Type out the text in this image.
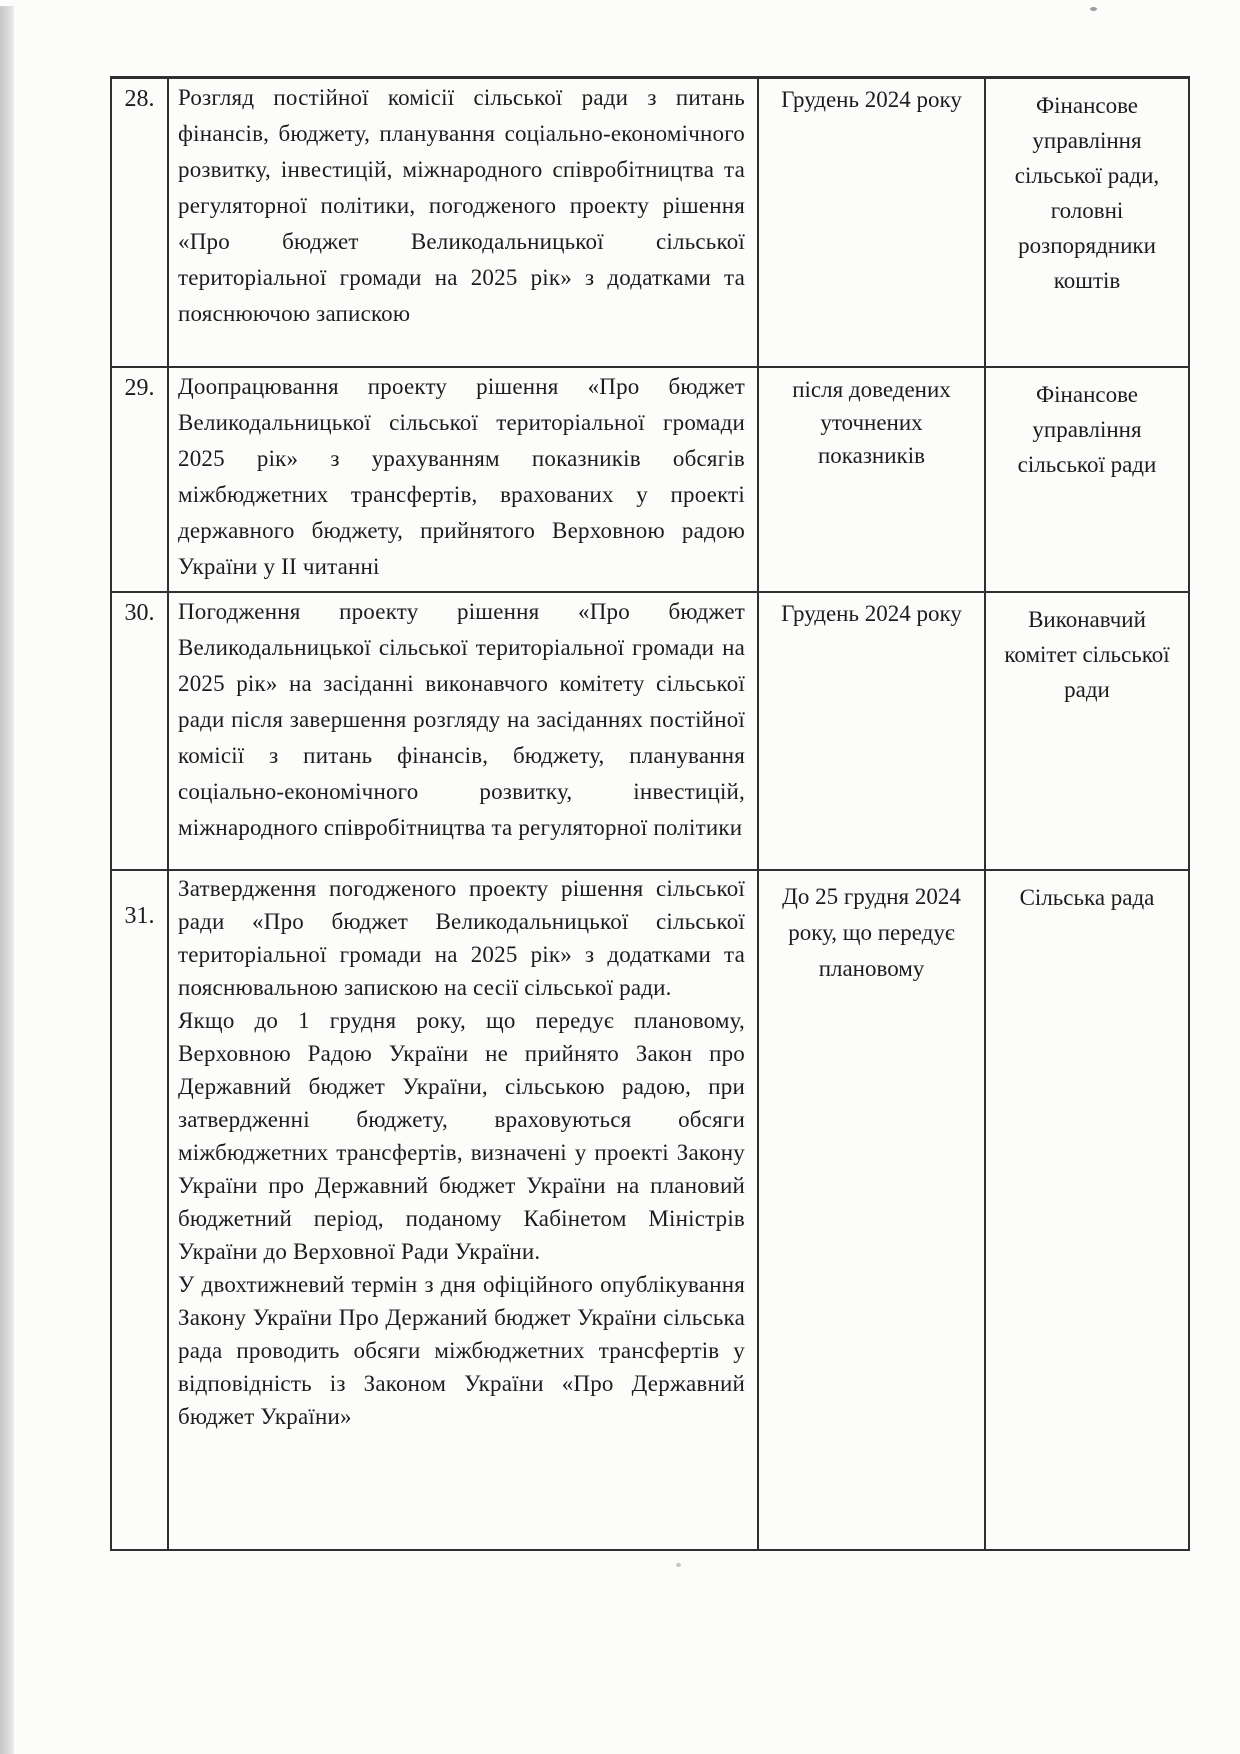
28.	Розгляд постійної комісії сільської ради з питань фінансів, бюджету, планування соціально-економічного розвитку, інвестицій, міжнародного співробітництва та регуляторної політики, погодженого проекту рішення «Про бюджет Великодальницької сільської територіальної громади на 2025 рік» з додатками та пояснюючою запискою	Грудень 2024 року	Фінансове управління сільської ради, головні розпорядники коштів
29.	Доопрацювання проекту рішення «Про бюджет Великодальницької сільської територіальної громади 2025 рік» з урахуванням показників обсягів міжбюджетних трансфертів, врахованих у проекті державного бюджету, прийнятого Верховною радою України у II читанні	після доведених уточнених показників	Фінансове управління сільської ради
30.	Погодження проекту рішення «Про бюджет Великодальницької сільської територіальної громади на 2025 рік» на засіданні виконавчого комітету сільської ради після завершення розгляду на засіданнях постійної комісії з питань фінансів, бюджету, планування соціально-економічного розвитку, інвестицій, міжнародного співробітництва та регуляторної політики	Грудень 2024 року	Виконавчий комітет сільської ради
31.	Затвердження погодженого проекту рішення сільської ради «Про бюджет Великодальницької сільської територіальної громади на 2025 рік» з додатками та пояснювальною запискою на сесії сільської ради.

Якщо до 1 грудня року, що передує плановому, Верховною Радою України не прийнято Закон про Державний бюджет України, сільською радою, при затвердженні бюджету, враховуються обсяги міжбюджетних трансфертів, визначені у проекті Закону України про Державний бюджет України на плановий бюджетний період, поданому Кабінетом Міністрів України до Верховної Ради України.

У двохтижневий термін з дня офіційного опублікування Закону України Про Держаний бюджет України сільська рада проводить обсяги міжбюджетних трансфертів у відповідність із Законом України «Про Державний бюджет України»	До 25 грудня 2024 року, що передує плановому	Сільська рада
